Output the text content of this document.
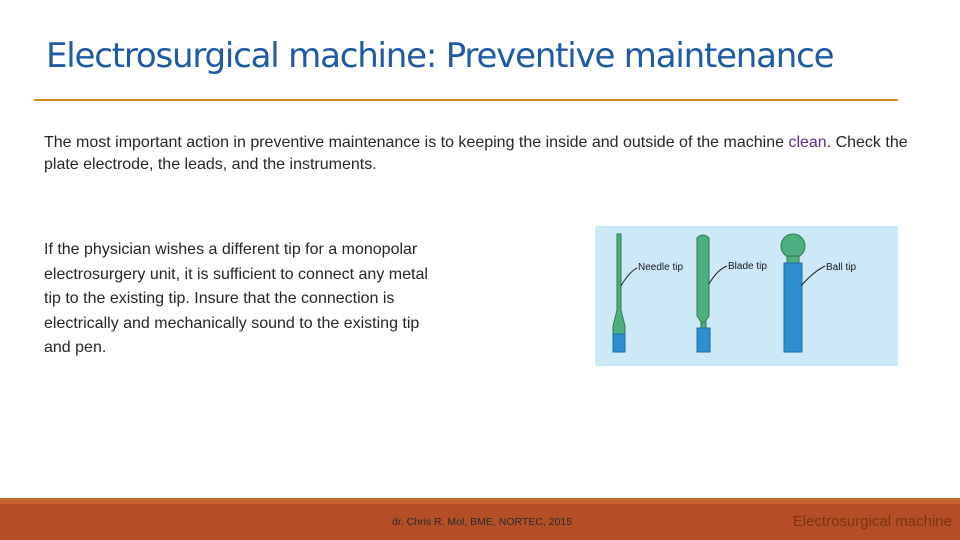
Electrosurgical machine: Preventive maintenance
The most important action in preventive maintenance is to keeping the inside and outside of the machine clean. Check the plate electrode, the leads, and the instruments.
If the physician wishes a different tip for a monopolar electrosurgery unit, it is sufficient to connect any metal tip to the existing tip. Insure that the connection is electrically and mechanically sound to the existing tip and pen.
Needle tip	Blade tip	Ball tip
dr. Chris R. Mol, BME, NORTEC, 2015	Electrosurgical machine
